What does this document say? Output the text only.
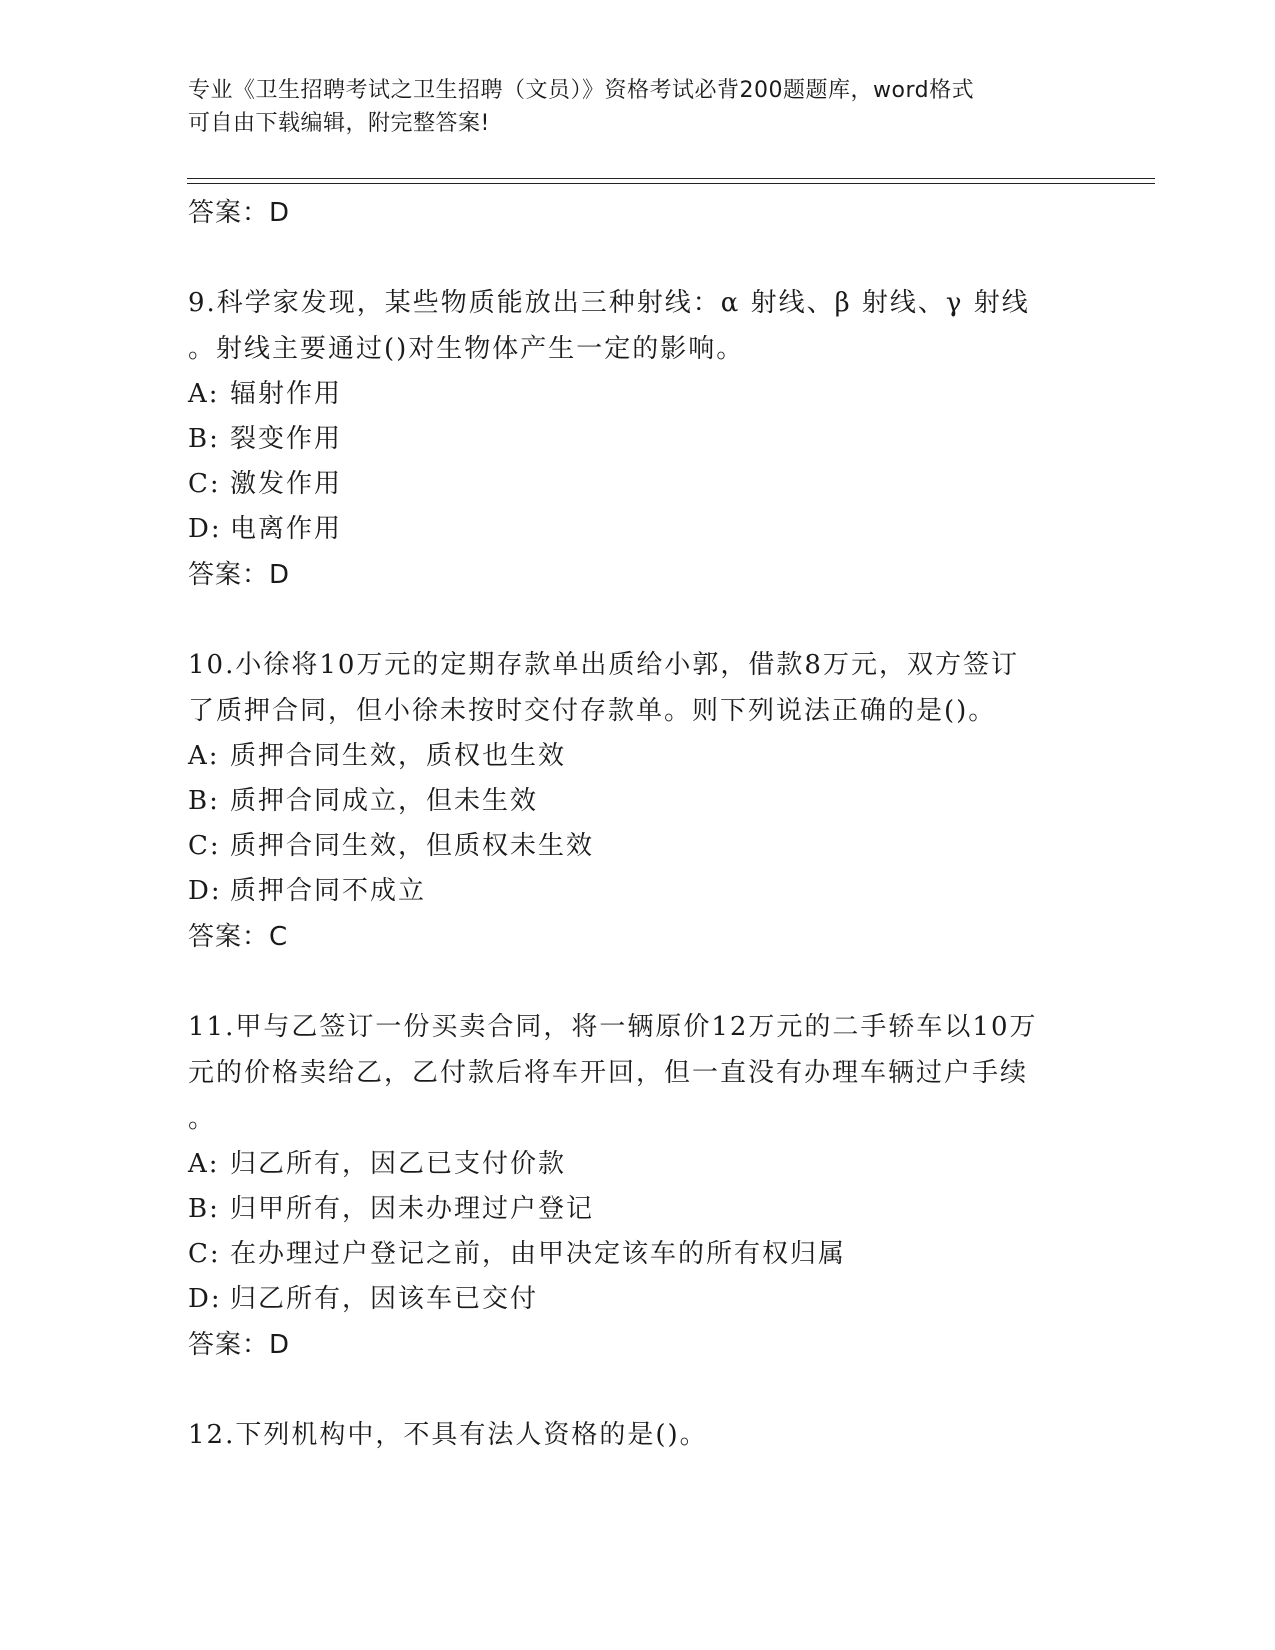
专业《卫生招聘考试之卫生招聘（文员）》资格考试必背200题题库，word格式
可自由下载编辑，附完整答案!
答案：D
9.科学家发现，某些物质能放出三种射线：α 射线、β 射线、γ 射线
。射线主要通过()对生物体产生一定的影响。
A: 辐射作用
B: 裂变作用
C: 激发作用
D: 电离作用
答案：D
10.小徐将10万元的定期存款单出质给小郭，借款8万元，双方签订
了质押合同，但小徐未按时交付存款单。则下列说法正确的是()。
A: 质押合同生效，质权也生效
B: 质押合同成立，但未生效
C: 质押合同生效，但质权未生效
D: 质押合同不成立
答案：C
11.甲与乙签订一份买卖合同，将一辆原价12万元的二手轿车以10万
元的价格卖给乙，乙付款后将车开回，但一直没有办理车辆过户手续
。
A: 归乙所有，因乙已支付价款
B: 归甲所有，因未办理过户登记
C: 在办理过户登记之前，由甲决定该车的所有权归属
D: 归乙所有，因该车已交付
答案：D
12.下列机构中，不具有法人资格的是()。
